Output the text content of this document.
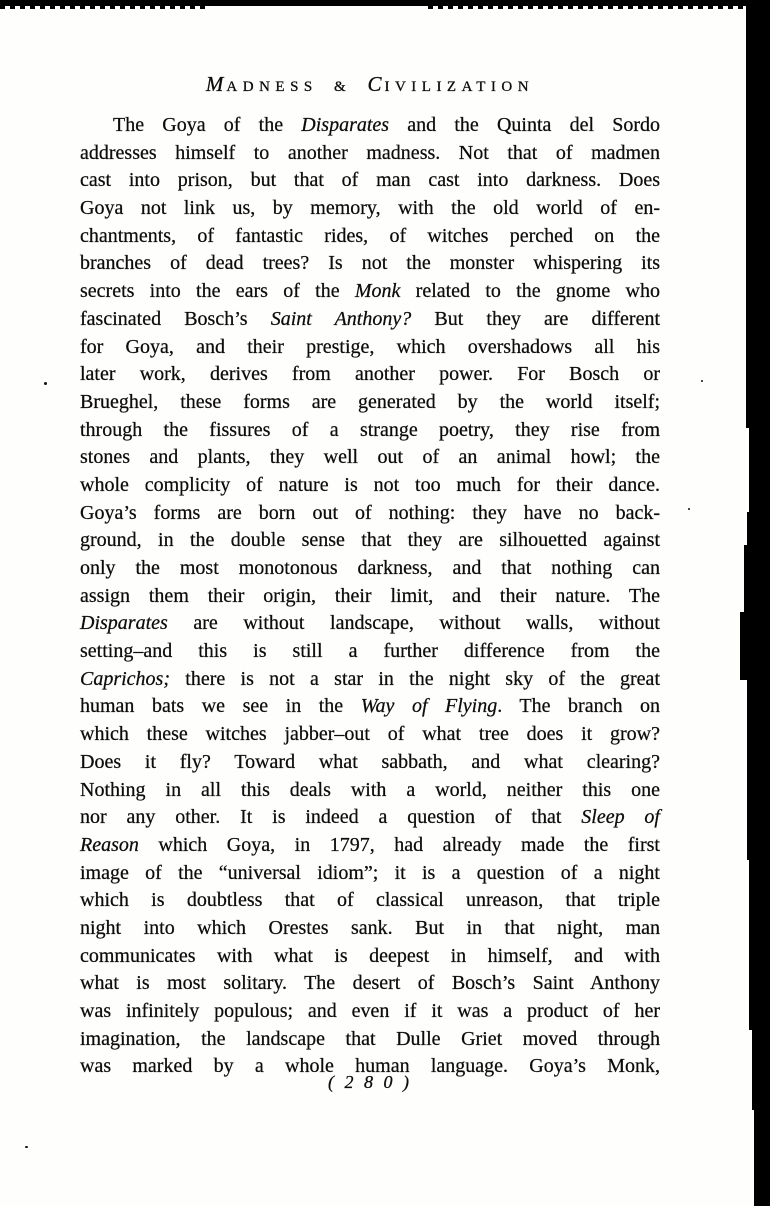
MADNESS & CIVILIZATION
The Goya of the Disparates and the Quinta del Sordo
addresses himself to another madness. Not that of madmen
cast into prison, but that of man cast into darkness. Does
Goya not link us, by memory, with the old world of en-
chantments, of fantastic rides, of witches perched on the
branches of dead trees? Is not the monster whispering its
secrets into the ears of the Monk related to the gnome who
fascinated Bosch’s Saint Anthony? But they are different
for Goya, and their prestige, which overshadows all his
later work, derives from another power. For Bosch or
Brueghel, these forms are generated by the world itself;
through the fissures of a strange poetry, they rise from
stones and plants, they well out of an animal howl; the
whole complicity of nature is not too much for their dance.
Goya’s forms are born out of nothing: they have no back-
ground, in the double sense that they are silhouetted against
only the most monotonous darkness, and that nothing can
assign them their origin, their limit, and their nature. The
Disparates are without landscape, without walls, without
setting–and this is still a further difference from the
Caprichos; there is not a star in the night sky of the great
human bats we see in the Way of Flying. The branch on
which these witches jabber–out of what tree does it grow?
Does it fly? Toward what sabbath, and what clearing?
Nothing in all this deals with a world, neither this one
nor any other. It is indeed a question of that Sleep of
Reason which Goya, in 1797, had already made the first
image of the “universal idiom”; it is a question of a night
which is doubtless that of classical unreason, that triple
night into which Orestes sank. But in that night, man
communicates with what is deepest in himself, and with
what is most solitary. The desert of Bosch’s Saint Anthony
was infinitely populous; and even if it was a product of her
imagination, the landscape that Dulle Griet moved through
was marked by a whole human language. Goya’s Monk,
( 2 8 0 )
